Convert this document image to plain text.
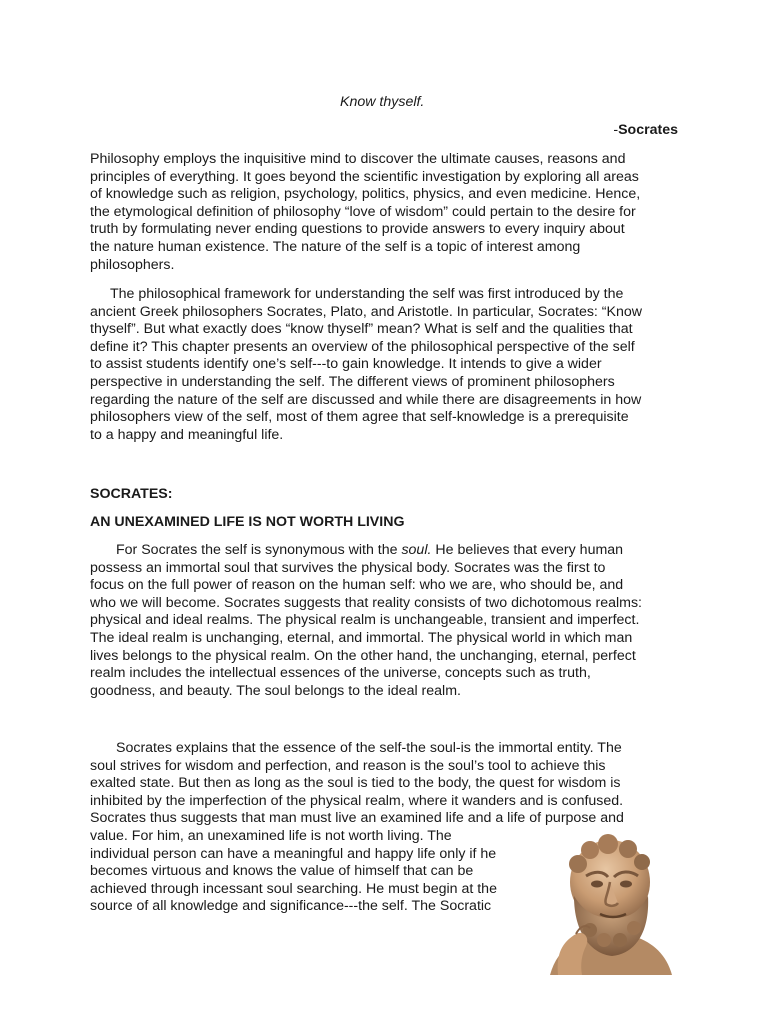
Know thyself.
-Socrates
Philosophy employs the inquisitive mind to discover the ultimate causes, reasons and
principles of everything. It goes beyond the scientific investigation by exploring all areas
of knowledge such as religion, psychology, politics, physics, and even medicine. Hence,
the etymological definition of philosophy “love of wisdom” could pertain to the desire for
truth by formulating never ending questions to provide answers to every inquiry about
the nature human existence. The nature of the self is a topic of interest among
philosophers.
The philosophical framework for understanding the self was first introduced by the
ancient Greek philosophers Socrates, Plato, and Aristotle. In particular, Socrates: “Know
thyself”. But what exactly does “know thyself” mean? What is self and the qualities that
define it? This chapter presents an overview of the philosophical perspective of the self
to assist students identify one’s self---to gain knowledge. It intends to give a wider
perspective in understanding the self. The different views of prominent philosophers
regarding the nature of the self are discussed and while there are disagreements in how
philosophers view of the self, most of them agree that self-knowledge is a prerequisite
to a happy and meaningful life.
SOCRATES:
AN UNEXAMINED LIFE IS NOT WORTH LIVING
For Socrates the self is synonymous with the soul. He believes that every human
possess an immortal soul that survives the physical body. Socrates was the first to
focus on the full power of reason on the human self: who we are, who should be, and
who we will become. Socrates suggests that reality consists of two dichotomous realms:
physical and ideal realms. The physical realm is unchangeable, transient and imperfect.
The ideal realm is unchanging, eternal, and immortal. The physical world in which man
lives belongs to the physical realm. On the other hand, the unchanging, eternal, perfect
realm includes the intellectual essences of the universe, concepts such as truth,
goodness, and beauty. The soul belongs to the ideal realm.
Socrates explains that the essence of the self-the soul-is the immortal entity. The
soul strives for wisdom and perfection, and reason is the soul’s tool to achieve this
exalted state. But then as long as the soul is tied to the body, the quest for wisdom is
inhibited by the imperfection of the physical realm, where it wanders and is confused.
Socrates thus suggests that man must live an examined life and a life of purpose and
value. For him, an unexamined life is not worth living. The
individual person can have a meaningful and happy life only if he
becomes virtuous and knows the value of himself that can be
achieved through incessant soul searching. He must begin at the
source of all knowledge and significance---the self. The Socratic
